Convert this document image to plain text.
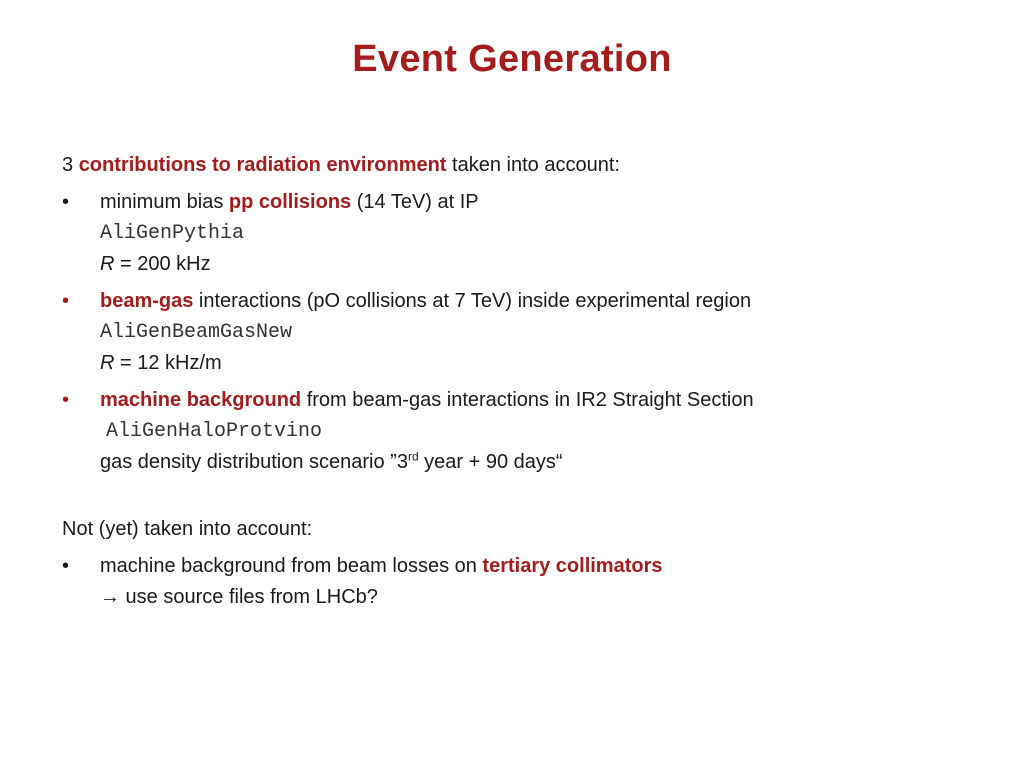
Event Generation
3 contributions to radiation environment taken into account:
•	minimum bias pp collisions (14 TeV) at IP
AliGenPythia
R = 200 kHz
•	beam-gas interactions (pO collisions at 7 TeV) inside experimental region
AliGenBeamGasNew
R = 12 kHz/m
•	machine background from beam-gas interactions in IR2 Straight Section
AliGenHaloProtvino
gas density distribution scenario ”3rd year + 90 days“
Not (yet) taken into account:
•	machine background from beam losses on tertiary collimators
→ use source files from LHCb?
